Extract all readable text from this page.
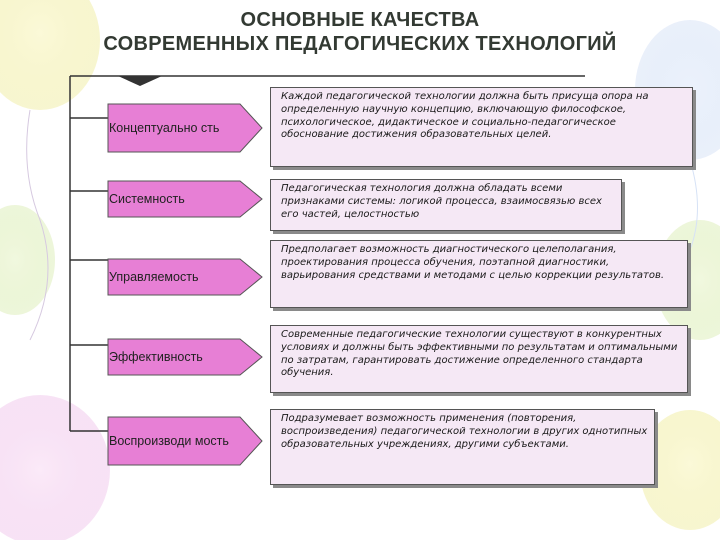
ОСНОВНЫЕ КАЧЕСТВА
СОВРЕМЕННЫХ ПЕДАГОГИЧЕСКИХ ТЕХНОЛОГИЙ
Концептуально сть
Системность
Управляемость
Эффективность
Воспроизводи мость
Каждой педагогической технологии должна быть присуща опора на определенную научную концепцию, включающую философское, психологическое, дидактическое и социально-педагогическое обоснование достижения образовательных целей.
Педагогическая технология должна обладать всеми признаками системы: логикой процесса, взаимосвязью всех его частей, целостностью
Предполагает возможность диагностического целеполагания, проектирования процесса обучения, поэтапной диагностики, варьирования средствами и методами с целью коррекции результатов.
Современные педагогические технологии существуют в конкурентных условиях и должны быть эффективными по результатам и оптимальными по затратам, гарантировать достижение определенного стандарта обучения.
Подразумевает возможность применения (повторения, воспроизведения) педагогической технологии в других однотипных образовательных учреждениях, другими субъектами.
